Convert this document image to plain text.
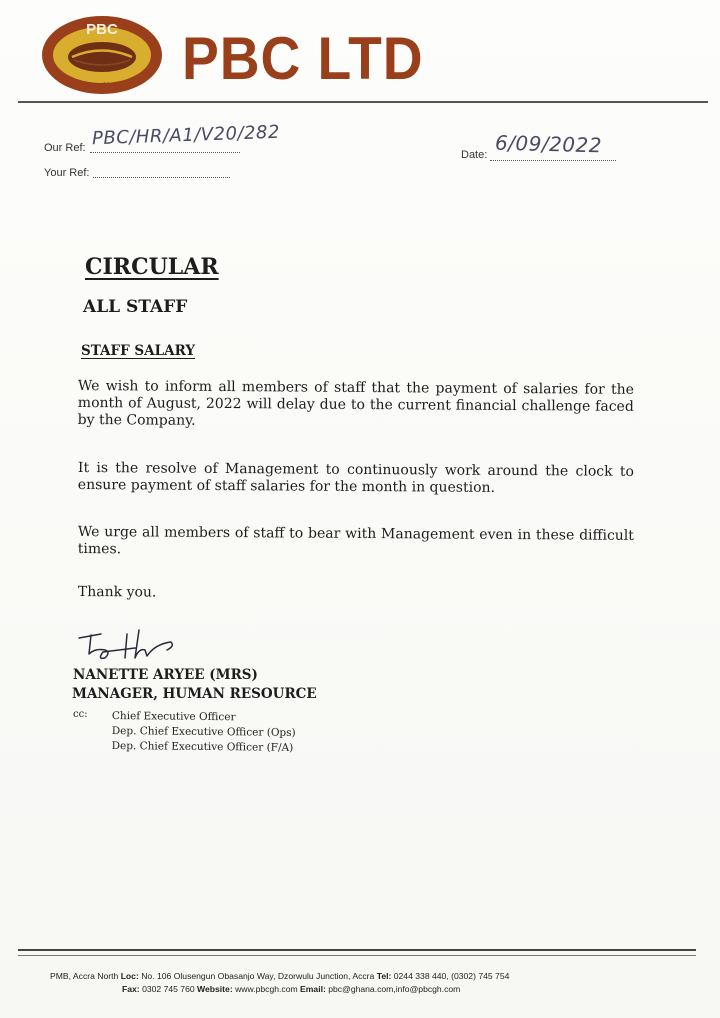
PBC
Limited PBC LTD
Our Ref: PBC/HR/A1/V20/282
Your Ref:
Date: 6/09/2022
CIRCULAR
ALL STAFF
STAFF SALARY

We wish to inform all members of staff that the payment of salaries for the month of August, 2022 will delay due to the current financial challenge faced by the Company.

It is the resolve of Management to continuously work around the clock to ensure payment of staff salaries for the month in question.

We urge all members of staff to bear with Management even in these difficult times.

Thank you.

NANETTE ARYEE (MRS)
MANAGER, HUMAN RESOURCE
cc: Chief Executive Officer
Dep. Chief Executive Officer (Ops)
Dep. Chief Executive Officer (F/A)
PMB, Accra North Loc: No. 106 Olusengun Obasanjo Way, Dzorwulu Junction, Accra Tel: 0244 338 440, (0302) 745 754
Fax: 0302 745 760 Website: www.pbcgh.com Email: pbc@ghana.com,info@pbcgh.com
